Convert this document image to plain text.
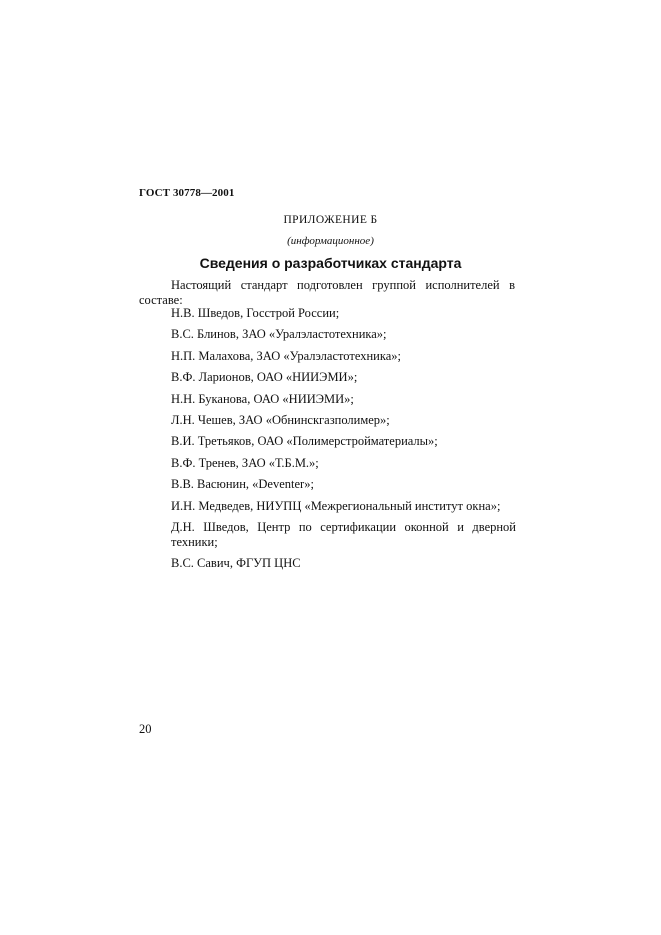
ГОСТ 30778—2001
ПРИЛОЖЕНИЕ Б
(информационное)
Сведения о разработчиках стандарта
Настоящий стандарт подготовлен группой исполнителей в составе:
Н.В. Шведов, Госстрой России;
В.С. Блинов, ЗАО «Уралэластотехника»;
Н.П. Малахова, ЗАО «Уралэластотехника»;
В.Ф. Ларионов, ОАО «НИИЭМИ»;
Н.Н. Буканова, ОАО «НИИЭМИ»;
Л.Н. Чешев, ЗАО «Обнинскгазполимер»;
В.И. Третьяков, ОАО «Полимерстройматериалы»;
В.Ф. Тренев, ЗАО «Т.Б.М.»;
В.В. Васюнин, «Deventer»;
И.Н. Медведев, НИУПЦ «Межрегиональный институт окна»;
Д.Н. Шведов, Центр по сертификации оконной и дверной техники;
В.С. Савич, ФГУП ЦНС
20
